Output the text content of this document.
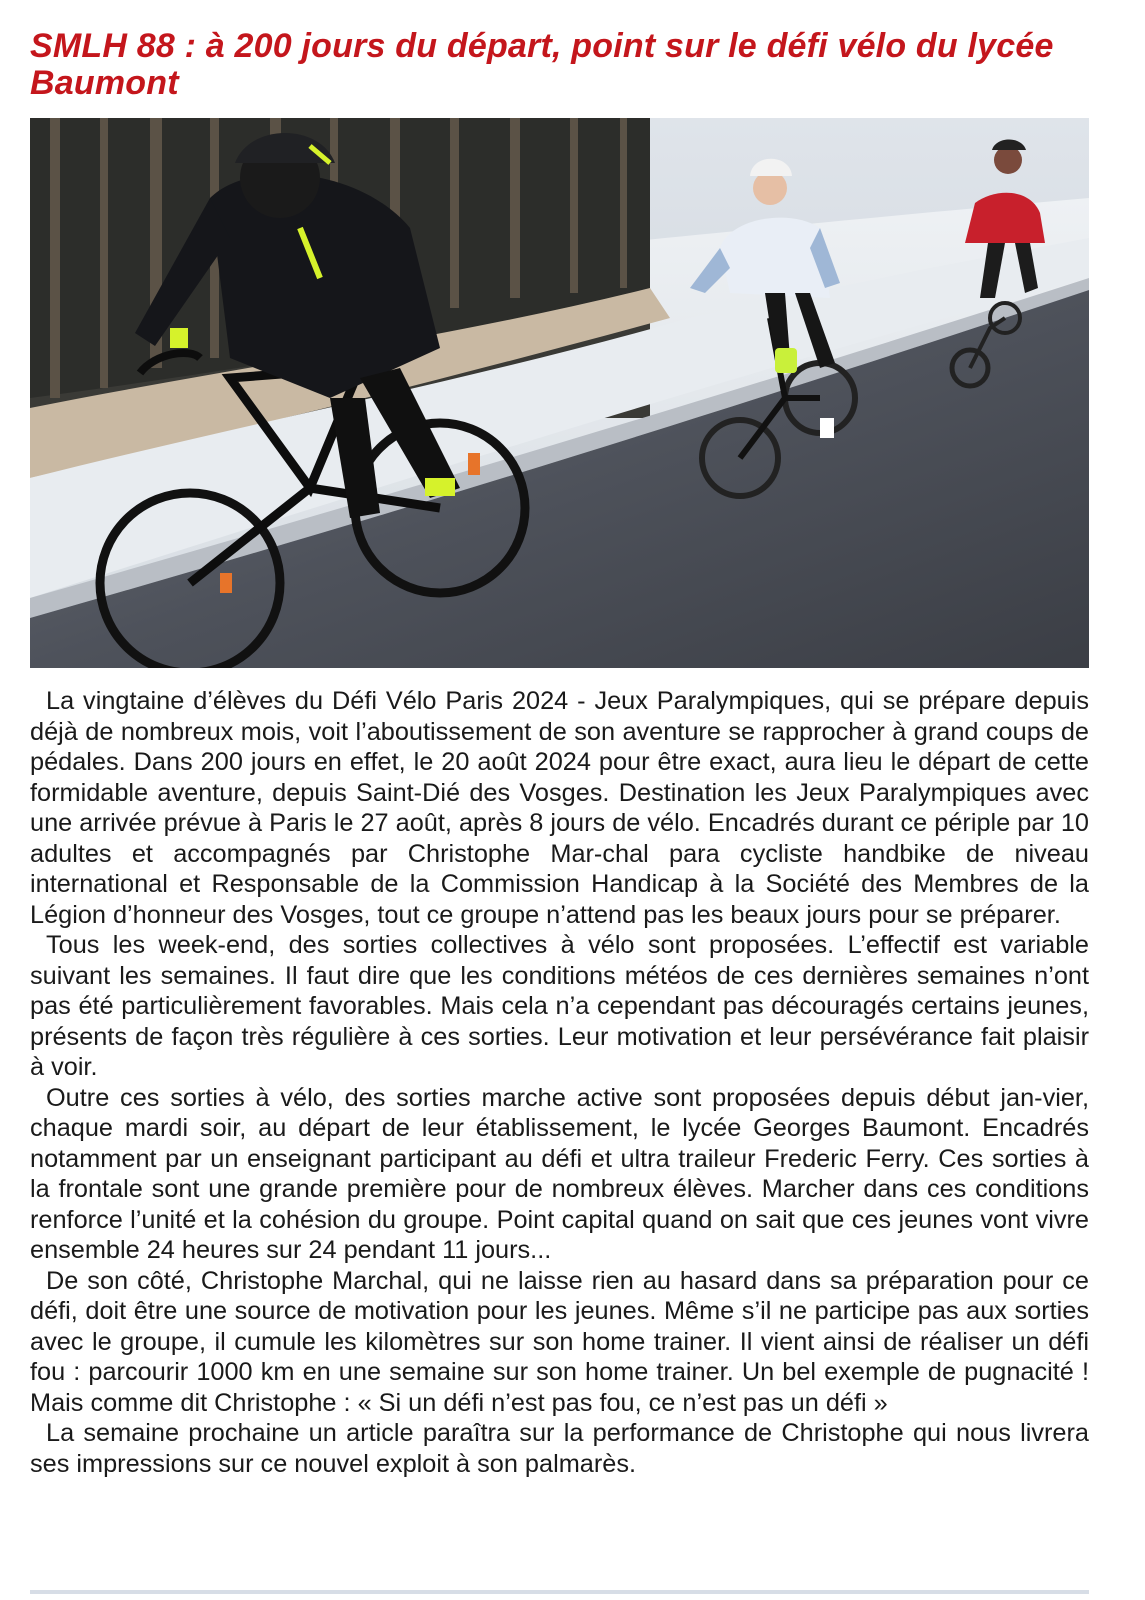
SMLH 88 : à 200 jours du départ, point sur le défi vélo du lycée Baumont

La vingtaine d’élèves du Défi Vélo Paris 2024 - Jeux Paralympiques, qui se prépare depuis déjà de nombreux mois, voit l’aboutissement de son aventure se rapprocher à grand coups de pédales. Dans 200 jours en effet, le 20 août 2024 pour être exact, aura lieu le départ de cette formidable aventure, depuis Saint-Dié des Vosges. Destination les Jeux Paralympiques avec une arrivée prévue à Paris le 27 août, après 8 jours de vélo. Encadrés durant ce périple par 10 adultes et accompagnés par Christophe Mar-chal para cycliste handbike de niveau international et Responsable de la Commission Handicap à la Société des Membres de la Légion d’honneur des Vosges, tout ce groupe n’attend pas les beaux jours pour se préparer.

Tous les week-end, des sorties collectives à vélo sont proposées. L’effectif est variable suivant les semaines. Il faut dire que les conditions météos de ces dernières semaines n’ont pas été particulièrement favorables. Mais cela n’a cependant pas découragés certains jeunes, présents de façon très régulière à ces sorties. Leur motivation et leur persévérance fait plaisir à voir.

Outre ces sorties à vélo, des sorties marche active sont proposées depuis début jan-vier, chaque mardi soir, au départ de leur établissement, le lycée Georges Baumont. Encadrés notamment par un enseignant participant au défi et ultra traileur Frederic Ferry. Ces sorties à la frontale sont une grande première pour de nombreux élèves. Marcher dans ces conditions renforce l’unité et la cohésion du groupe. Point capital quand on sait que ces jeunes vont vivre ensemble 24 heures sur 24 pendant 11 jours...

De son côté, Christophe Marchal, qui ne laisse rien au hasard dans sa préparation pour ce défi, doit être une source de motivation pour les jeunes. Même s’il ne participe pas aux sorties avec le groupe, il cumule les kilomètres sur son home trainer. Il vient ainsi de réaliser un défi fou : parcourir 1000 km en une semaine sur son home trainer. Un bel exemple de pugnacité ! Mais comme dit Christophe : « Si un défi n’est pas fou, ce n’est pas un défi »

La semaine prochaine un article paraîtra sur la performance de Christophe qui nous livrera ses impressions sur ce nouvel exploit à son palmarès.
